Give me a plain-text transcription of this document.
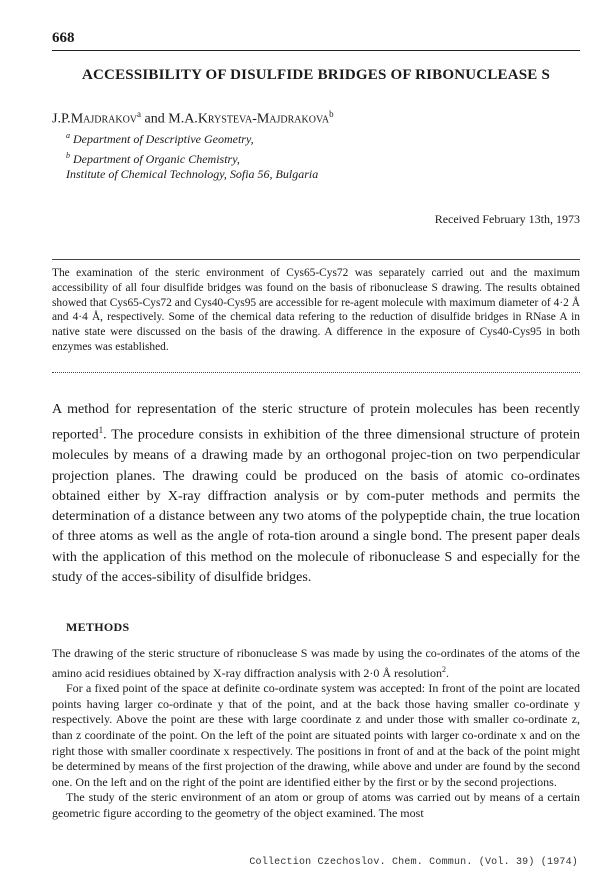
668
ACCESSIBILITY OF DISULFIDE BRIDGES OF RIBONUCLEASE S
J.P.Majdrakov$^a$ and M.A.Krysteva-Majdrakova$^b$
$^a$ Department of Descriptive Geometry,
$^b$ Department of Organic Chemistry,
Institute of Chemical Technology, Sofia 56, Bulgaria
Received February 13th, 1973
The examination of the steric environment of Cys65-Cys72 was separately carried out and the maximum accessibility of all four disulfide bridges was found on the basis of ribonuclease S drawing. The results obtained showed that Cys65-Cys72 and Cys40-Cys95 are accessible for re-agent molecule with maximum diameter of 4·2 Å and 4·4 Å, respectively. Some of the chemical data refering to the reduction of disulfide bridges in RNase A in native state were discussed on the basis of the drawing. A difference in the exposure of Cys40-Cys95 in both enzymes was established.
A method for representation of the steric structure of protein molecules has been recently reported$^1$. The procedure consists in exhibition of the three dimensional structure of protein molecules by means of a drawing made by an orthogonal projec-tion on two perpendicular projection planes. The drawing could be produced on the basis of atomic co-ordinates obtained either by X-ray diffraction analysis or by com-puter methods and permits the determination of a distance between any two atoms of the polypeptide chain, the true location of three atoms as well as the angle of rota-tion around a single bond. The present paper deals with the application of this method on the molecule of ribonuclease S and especially for the study of the acces-sibility of disulfide bridges.
METHODS

The drawing of the steric structure of ribonuclease S was made by using the co-ordinates of the atoms of the amino acid residiues obtained by X-ray diffraction analysis with 2·0 Å resolution$^2$.

For a fixed point of the space at definite co-ordinate system was accepted: In front of the point are located points having larger co-ordinate y that of the point, and at the back those having smaller co-ordinate y respectively. Above the point are these with large coordinate z and under those with smaller co-ordinate z, than z coordinate of the point. On the left of the point are situated points with larger co-ordinate x and on the right those with smaller coordinate x respectively. The positions in front of and at the back of the point might be determined by means of the first projection of the drawing, while above and under are found by the second one. On the left and on the right of the point are identified either by the first or by the second projections.

The study of the steric environment of an atom or group of atoms was carried out by means of a certain geometric figure according to the geometry of the object examined. The most

Collection Czechoslov. Chem. Commun. (Vol. 39) (1974)
